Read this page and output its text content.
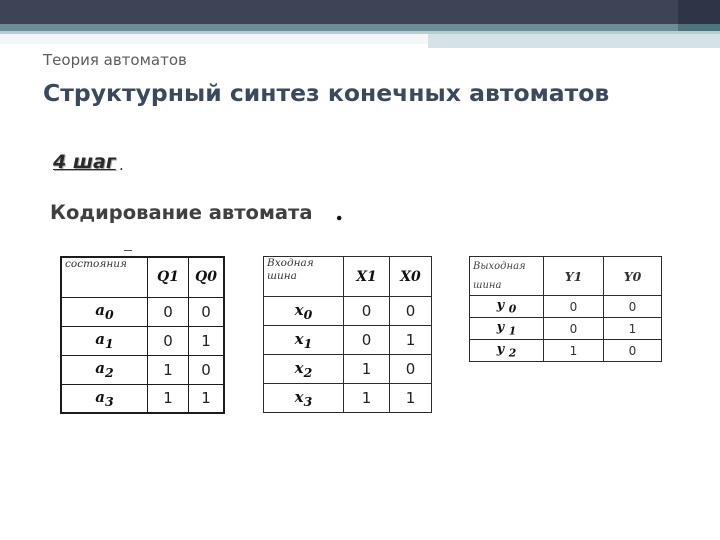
Теория автоматов
Структурный синтез конечных автоматов
4 шаг .
Кодирование автомата .
состояния	Q1	Q0
$a_0$	0	0
$a_1$	0	1
$a_2$	1	0
$a_3$	1	1
Входная шина	X1	X0
$x_0$	0	0
$x_1$	0	1
$x_2$	1	0
$x_3$	1	1
Выходная шина	Y1	Y0
y $_0$	0	0
y $_1$	0	1
y $_2$	1	0
